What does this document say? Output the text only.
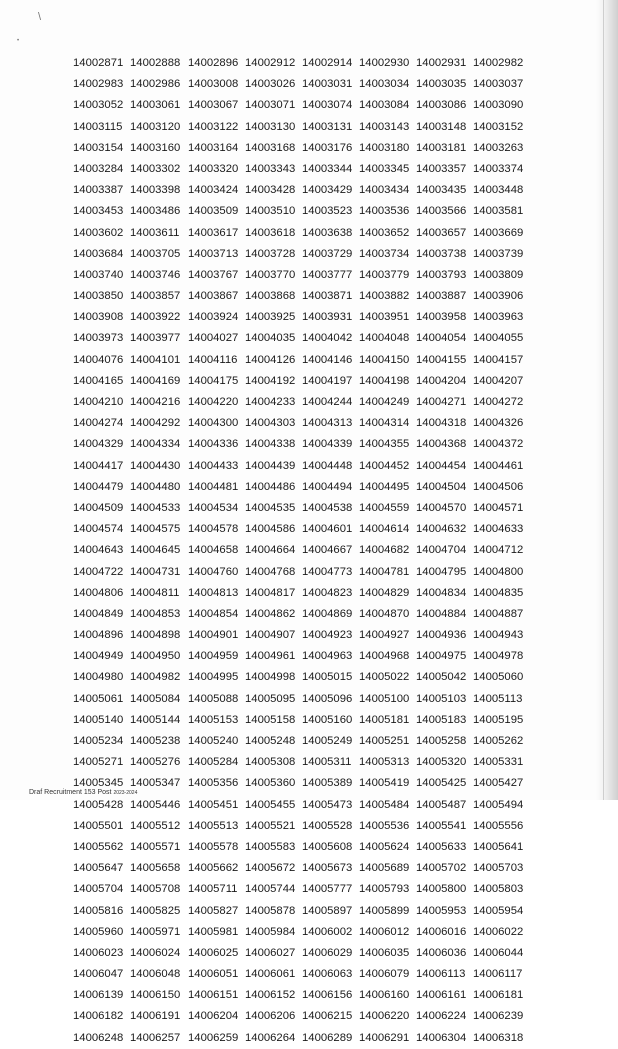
\
•
14002871 14002888 14002896 14002912 14002914 14002930 14002931 14002982
14002983 14002986 14003008 14003026 14003031 14003034 14003035 14003037
14003052 14003061 14003067 14003071 14003074 14003084 14003086 14003090
14003115 14003120 14003122 14003130 14003131 14003143 14003148 14003152
14003154 14003160 14003164 14003168 14003176 14003180 14003181 14003263
14003284 14003302 14003320 14003343 14003344 14003345 14003357 14003374
14003387 14003398 14003424 14003428 14003429 14003434 14003435 14003448
14003453 14003486 14003509 14003510 14003523 14003536 14003566 14003581
14003602 14003611 14003617 14003618 14003638 14003652 14003657 14003669
14003684 14003705 14003713 14003728 14003729 14003734 14003738 14003739
14003740 14003746 14003767 14003770 14003777 14003779 14003793 14003809
14003850 14003857 14003867 14003868 14003871 14003882 14003887 14003906
14003908 14003922 14003924 14003925 14003931 14003951 14003958 14003963
14003973 14003977 14004027 14004035 14004042 14004048 14004054 14004055
14004076 14004101 14004116 14004126 14004146 14004150 14004155 14004157
14004165 14004169 14004175 14004192 14004197 14004198 14004204 14004207
14004210 14004216 14004220 14004233 14004244 14004249 14004271 14004272
14004274 14004292 14004300 14004303 14004313 14004314 14004318 14004326
14004329 14004334 14004336 14004338 14004339 14004355 14004368 14004372
14004417 14004430 14004433 14004439 14004448 14004452 14004454 14004461
14004479 14004480 14004481 14004486 14004494 14004495 14004504 14004506
14004509 14004533 14004534 14004535 14004538 14004559 14004570 14004571
14004574 14004575 14004578 14004586 14004601 14004614 14004632 14004633
14004643 14004645 14004658 14004664 14004667 14004682 14004704 14004712
14004722 14004731 14004760 14004768 14004773 14004781 14004795 14004800
14004806 14004811 14004813 14004817 14004823 14004829 14004834 14004835
14004849 14004853 14004854 14004862 14004869 14004870 14004884 14004887
14004896 14004898 14004901 14004907 14004923 14004927 14004936 14004943
14004949 14004950 14004959 14004961 14004963 14004968 14004975 14004978
14004980 14004982 14004995 14004998 14005015 14005022 14005042 14005060
14005061 14005084 14005088 14005095 14005096 14005100 14005103 14005113
14005140 14005144 14005153 14005158 14005160 14005181 14005183 14005195
14005234 14005238 14005240 14005248 14005249 14005251 14005258 14005262
14005271 14005276 14005284 14005308 14005311 14005313 14005320 14005331
14005345 14005347 14005356 14005360 14005389 14005419 14005425 14005427
14005428 14005446 14005451 14005455 14005473 14005484 14005487 14005494
14005501 14005512 14005513 14005521 14005528 14005536 14005541 14005556
14005562 14005571 14005578 14005583 14005608 14005624 14005633 14005641
14005647 14005658 14005662 14005672 14005673 14005689 14005702 14005703
14005704 14005708 14005711 14005744 14005777 14005793 14005800 14005803
14005816 14005825 14005827 14005878 14005897 14005899 14005953 14005954
14005960 14005971 14005981 14005984 14006002 14006012 14006016 14006022
14006023 14006024 14006025 14006027 14006029 14006035 14006036 14006044
14006047 14006048 14006051 14006061 14006063 14006079 14006113 14006117
14006139 14006150 14006151 14006152 14006156 14006160 14006161 14006181
14006182 14006191 14006204 14006206 14006215 14006220 14006224 14006239
14006248 14006257 14006259 14006264 14006289 14006291 14006304 14006318
Draf Recruitment 153 Post 2023-2024
